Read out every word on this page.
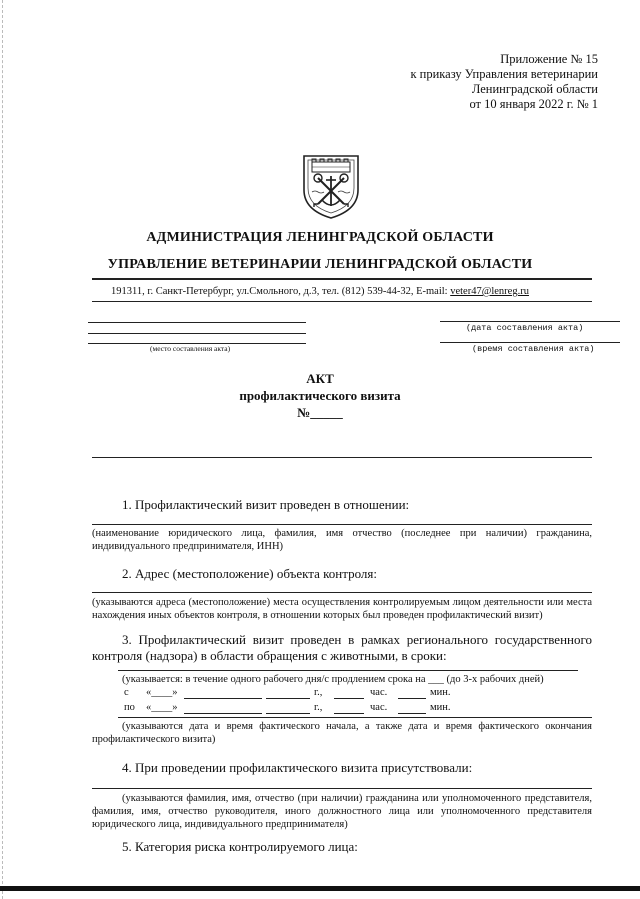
Приложение № 15
к приказу Управления ветеринарии
Ленинградской области
от 10 января 2022 г. № 1
АДМИНИСТРАЦИЯ ЛЕНИНГРАДСКОЙ ОБЛАСТИ
УПРАВЛЕНИЕ ВЕТЕРИНАРИИ ЛЕНИНГРАДСКОЙ ОБЛАСТИ
191311, г. Санкт-Петербург, ул.Смольного, д.3, тел. (812) 539-44-32, E-mail: veter47@lenreg.ru
(место составления акта)
(дата составления акта)
(время составления акта)
АКТ
профилактического визита
№_____
1. Профилактический визит проведен в отношении:
(наименование юридического лица, фамилия, имя отчество (последнее при наличии) гражданина, индивидуального предпринимателя, ИНН)
2. Адрес (местоположение) объекта контроля:
(указываются адреса (местоположение) места осуществления контролируемым лицом деятельности или места нахождения иных объектов контроля, в отношении которых был проведен профилактический визит)
3. Профилактический визит проведен в рамках регионального государственного контроля (надзора) в области обращения с животными, в сроки:
(указывается: в течение одного рабочего дня/с продлением срока на ___ (до 3-х рабочих дней)
с «____»	г.,	час.	мин.
по «____»	г.,	час.	мин.
(указываются дата и время фактического начала, а также дата и время фактического окончания профилактического визита)
4. При проведении профилактического визита присутствовали:
(указываются фамилия, имя, отчество (при наличии) гражданина или уполномоченного представителя, фамилия, имя, отчество руководителя, иного должностного лица или уполномоченного представителя юридического лица, индивидуального предпринимателя)
5. Категория риска контролируемого лица:
